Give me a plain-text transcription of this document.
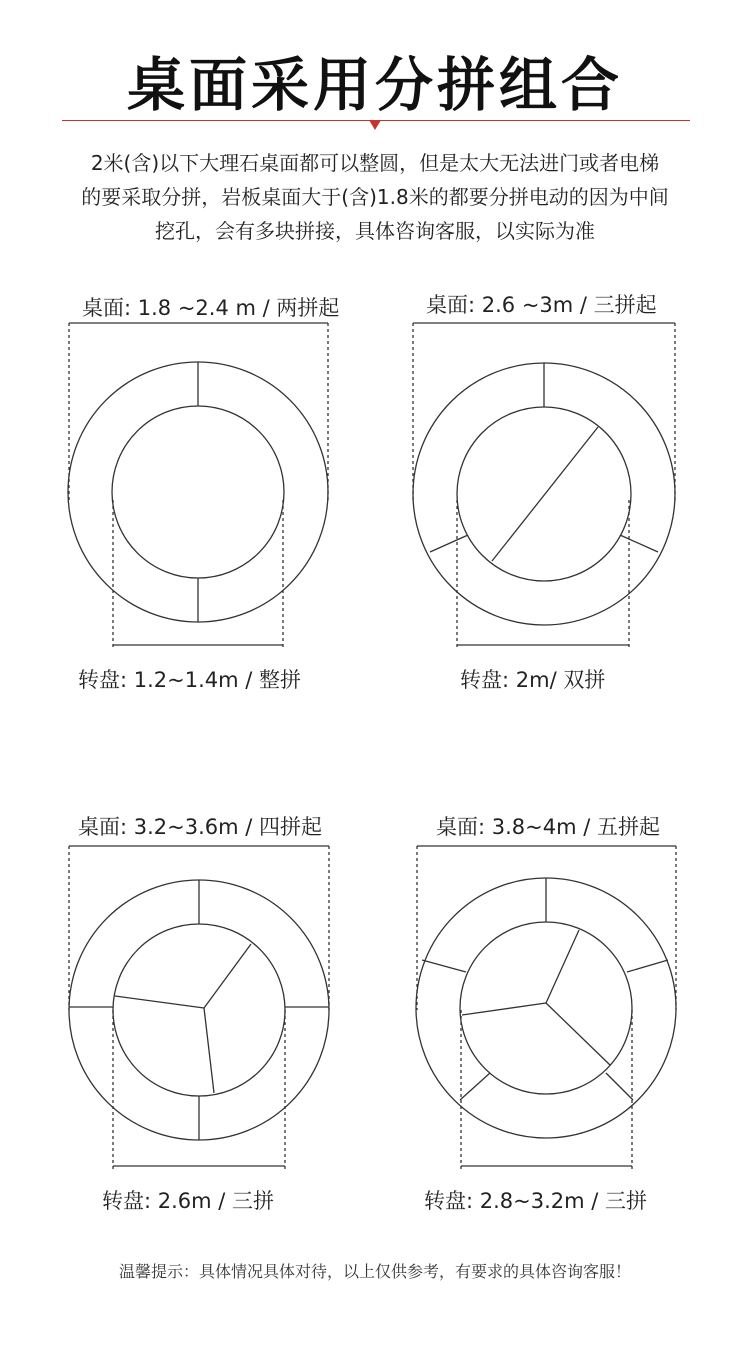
桌面采用分拼组合
2米(含)以下大理石桌面都可以整圆，但是太大无法进门或者电梯
的要采取分拼，岩板桌面大于(含)1.8米的都要分拼电动的因为中间
挖孔，会有多块拼接，具体咨询客服，以实际为准
桌面: 1.8 ~2.4 m / 两拼起
转盘: 1.2~1.4m / 整拼
桌面: 2.6 ~3m / 三拼起
转盘: 2m/ 双拼
桌面: 3.2~3.6m / 四拼起
转盘: 2.6m / 三拼
桌面: 3.8~4m / 五拼起
转盘: 2.8~3.2m / 三拼
温馨提示：具体情况具体对待，以上仅供参考，有要求的具体咨询客服！
